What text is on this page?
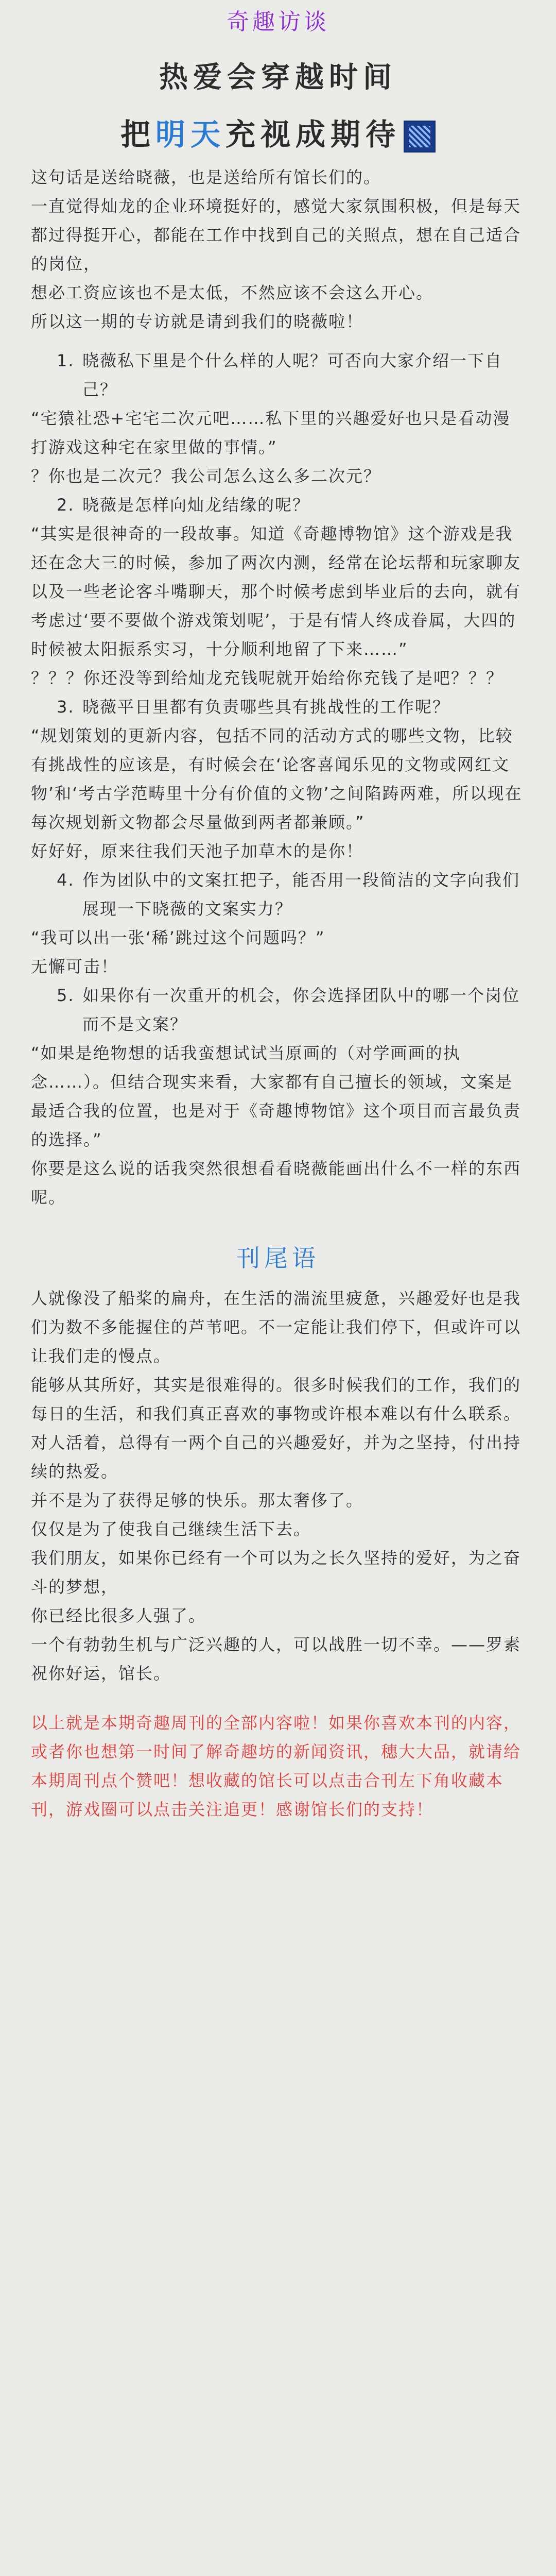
奇趣访谈
热爱会穿越时间
把明天充视成期待

这句话是送给晓薇，也是送给所有馆长们的。

一直觉得灿龙的企业环境挺好的，感觉大家氛围积极，但是每天都过得挺开心，都能在工作中找到自己的关照点，想在自己适合的岗位，

想必工资应该也不是太低，不然应该不会这么开心。

所以这一期的专访就是请到我们的晓薇啦！

1. 晓薇私下里是个什么样的人呢？可否向大家介绍一下自己？

“宅猿社恐+宅宅二次元吧……私下里的兴趣爱好也只是看动漫打游戏这种宅在家里做的事情。”

？你也是二次元？我公司怎么这么多二次元？

2. 晓薇是怎样向灿龙结缘的呢？

“其实是很神奇的一段故事。知道《奇趣博物馆》这个游戏是我还在念大三的时候，参加了两次内测，经常在论坛帮和玩家聊友以及一些老论客斗嘴聊天，那个时候考虑到毕业后的去向，就有考虑过‘要不要做个游戏策划呢’，于是有情人终成眷属，大四的时候被太阳振系实习，十分顺利地留了下来……”

？？？你还没等到给灿龙充钱呢就开始给你充钱了是吧？？？

3. 晓薇平日里都有负责哪些具有挑战性的工作呢？

“规划策划的更新内容，包括不同的活动方式的哪些文物，比较有挑战性的应该是，有时候会在‘论客喜闻乐见的文物或网红文物’和‘考古学范畴里十分有价值的文物’之间陷踌两难，所以现在每次规划新文物都会尽量做到两者都兼顾。”

好好好，原来往我们天池子加草木的是你！

4. 作为团队中的文案扛把子，能否用一段简洁的文字向我们展现一下晓薇的文案实力？

“我可以出一张‘稀’跳过这个问题吗？”

无懈可击！

5. 如果你有一次重开的机会，你会选择团队中的哪一个岗位而不是文案？

“如果是绝物想的话我蛮想试试当原画的（对学画画的执念……）。但结合现实来看，大家都有自己擅长的领域，文案是最适合我的位置，也是对于《奇趣博物馆》这个项目而言最负责的选择。”

你要是这么说的话我突然很想看看晓薇能画出什么不一样的东西呢。

刊尾语

人就像没了船桨的扁舟，在生活的湍流里疲惫，兴趣爱好也是我们为数不多能握住的芦苇吧。不一定能让我们停下，但或许可以让我们走的慢点。

能够从其所好，其实是很难得的。很多时候我们的工作，我们的每日的生活，和我们真正喜欢的事物或许根本难以有什么联系。

对人活着，总得有一两个自己的兴趣爱好，并为之坚持，付出持续的热爱。

并不是为了获得足够的快乐。那太奢侈了。

仅仅是为了使我自己继续生活下去。

我们朋友，如果你已经有一个可以为之长久坚持的爱好，为之奋斗的梦想，

你已经比很多人强了。

一个有勃勃生机与广泛兴趣的人，可以战胜一切不幸。——罗素

祝你好运，馆长。

以上就是本期奇趣周刊的全部内容啦！如果你喜欢本刊的内容，或者你也想第一时间了解奇趣坊的新闻资讯，穗大大品，就请给本期周刊点个赞吧！想收藏的馆长可以点击合刊左下角收藏本刊，游戏圈可以点击关注追更！感谢馆长们的支持！
